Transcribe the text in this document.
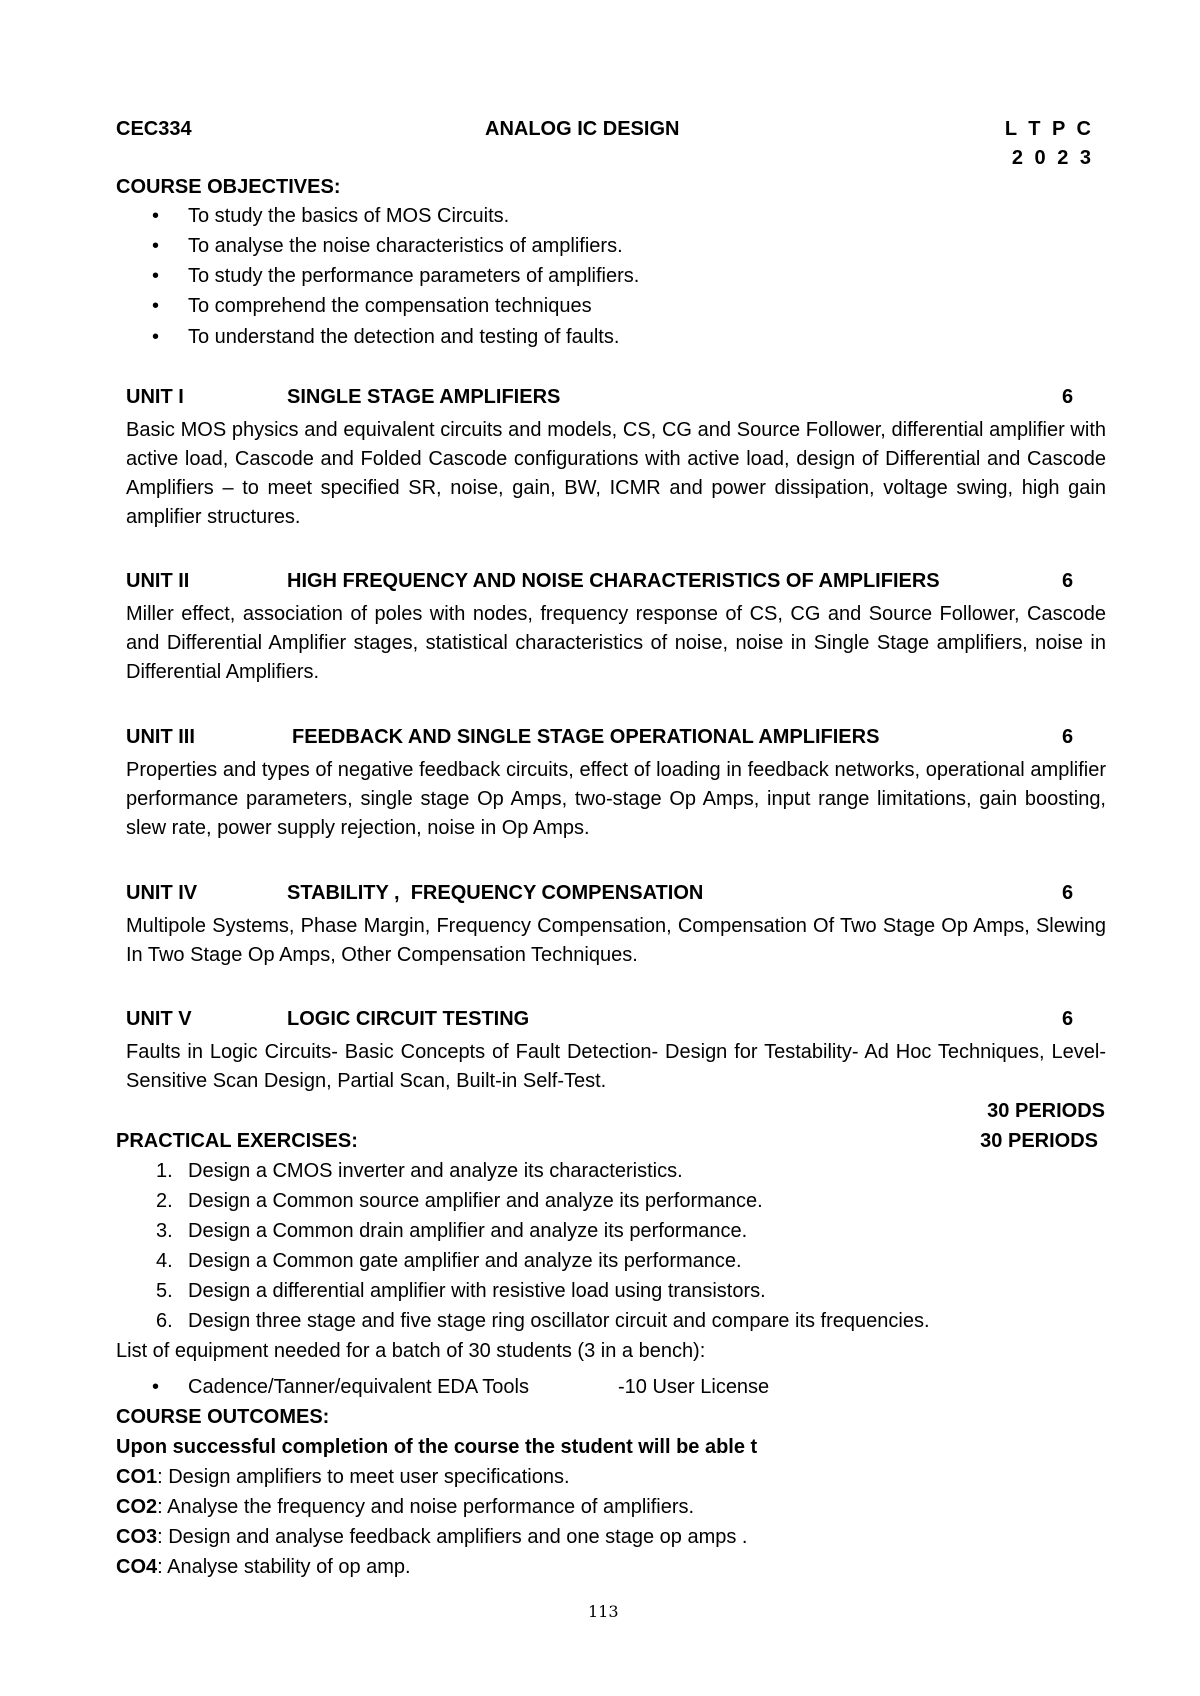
CEC334	ANALOG IC DESIGN	L T P C
2 0 2 3
COURSE OBJECTIVES:
• To study the basics of MOS Circuits.
• To analyse the noise characteristics of amplifiers.
• To study the performance parameters of amplifiers.
• To comprehend the compensation techniques
• To understand the detection and testing of faults.
UNIT I	SINGLE STAGE AMPLIFIERS	6
Basic MOS physics and equivalent circuits and models, CS, CG and Source Follower, differential amplifier with active load, Cascode and Folded Cascode configurations with active load, design of Differential and Cascode Amplifiers – to meet specified SR, noise, gain, BW, ICMR and power dissipation, voltage swing, high gain amplifier structures.
UNIT II	HIGH FREQUENCY AND NOISE CHARACTERISTICS OF AMPLIFIERS	6
Miller effect, association of poles with nodes, frequency response of CS, CG and Source Follower, Cascode and Differential Amplifier stages, statistical characteristics of noise, noise in Single Stage amplifiers, noise in Differential Amplifiers.
UNIT III	FEEDBACK AND SINGLE STAGE OPERATIONAL AMPLIFIERS	6
Properties and types of negative feedback circuits, effect of loading in feedback networks, operational amplifier performance parameters, single stage Op Amps, two-stage Op Amps, input range limitations, gain boosting, slew rate, power supply rejection, noise in Op Amps.
UNIT IV	STABILITY ,  FREQUENCY COMPENSATION	6
Multipole Systems, Phase Margin, Frequency Compensation, Compensation Of Two Stage Op Amps, Slewing In Two Stage Op Amps, Other Compensation Techniques.
UNIT V	LOGIC CIRCUIT TESTING	6
Faults in Logic Circuits- Basic Concepts of Fault Detection- Design for Testability- Ad Hoc Techniques, Level-Sensitive Scan Design, Partial Scan, Built-in Self-Test.
30 PERIODS
PRACTICAL EXERCISES:	30 PERIODS
1. Design a CMOS inverter and analyze its characteristics.
2. Design a Common source amplifier and analyze its performance.
3. Design a Common drain amplifier and analyze its performance.
4. Design a Common gate amplifier and analyze its performance.
5. Design a differential amplifier with resistive load using transistors.
6. Design three stage and five stage ring oscillator circuit and compare its frequencies.
List of equipment needed for a batch of 30 students (3 in a bench):
• Cadence/Tanner/equivalent EDA Tools	-10 User License
COURSE OUTCOMES:
Upon successful completion of the course the student will be able t
CO1: Design amplifiers to meet user specifications.
CO2: Analyse the frequency and noise performance of amplifiers.
CO3: Design and analyse feedback amplifiers and one stage op amps .
CO4: Analyse stability of op amp.
113
